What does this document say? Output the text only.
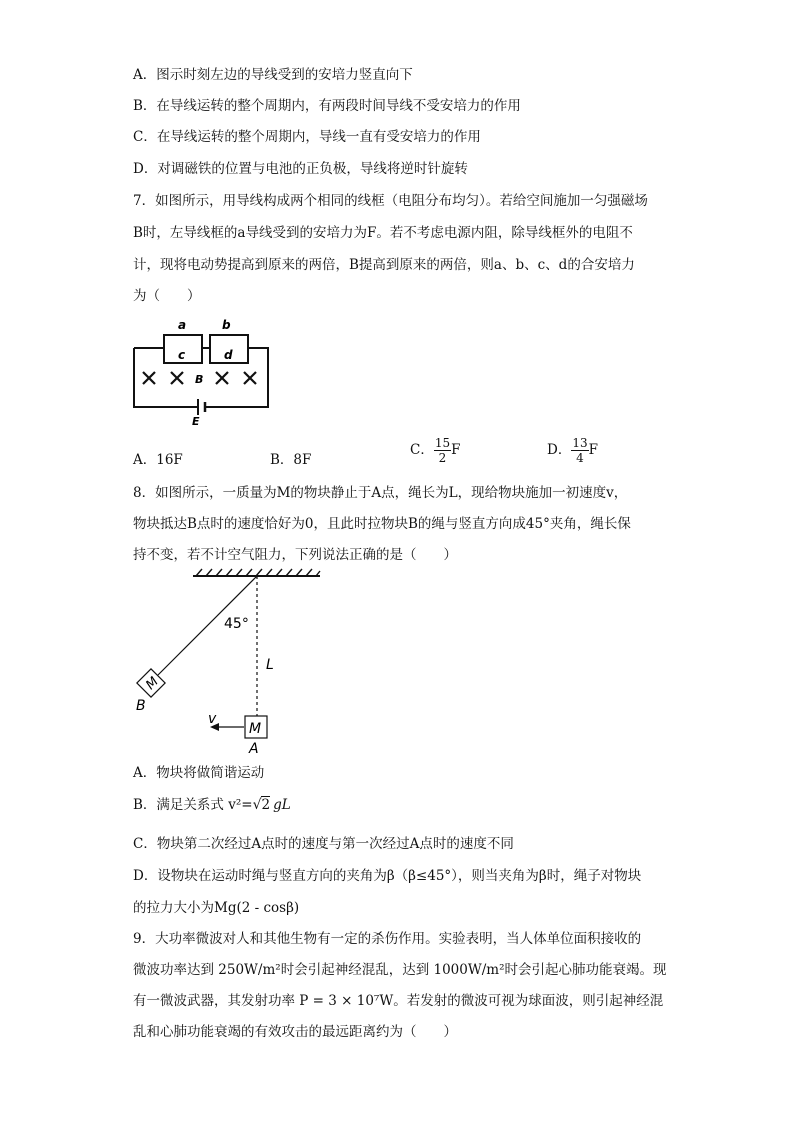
A．图示时刻左边的导线受到的安培力竖直向下
B．在导线运转的整个周期内，有两段时间导线不受安培力的作用
C．在导线运转的整个周期内，导线一直有受安培力的作用
D．对调磁铁的位置与电池的正负极，导线将逆时针旋转
7．如图所示，用导线构成两个相同的线框（电阻分布均匀）。若给空间施加一匀强磁场
B时，左导线框的a导线受到的安培力为F。若不考虑电源内阻，除导线框外的电阻不
计，现将电动势提高到原来的两倍，B提高到原来的两倍，则a、b、c、d的合安培力
为（　　）
a	b
c	d
B
E
A．16F	B．8F
C． $\frac{15}{2}$ F	D． $\frac{13}{4}$ F
8．如图所示，一质量为M的物块静止于A点，绳长为L，现给物块施加一初速度v，
物块抵达B点时的速度恰好为0，且此时拉物块B的绳与竖直方向成45°夹角，绳长保
持不变，若不计空气阻力，下列说法正确的是（　　）
M
M
v
45°
L
B
A
A．物块将做简谐运动
B．满足关系式 v²=√2 gL
C．物块第二次经过A点时的速度与第一次经过A点时的速度不同
D．设物块在运动时绳与竖直方向的夹角为β（β≤45°），则当夹角为β时，绳子对物块
的拉力大小为Mg(2 - cosβ)
9．大功率微波对人和其他生物有一定的杀伤作用。实验表明，当人体单位面积接收的
微波功率达到 250W/m²时会引起神经混乱，达到 1000W/m²时会引起心肺功能衰竭。现
有一微波武器，其发射功率 P = 3 × 10⁷W。若发射的微波可视为球面波，则引起神经混
乱和心肺功能衰竭的有效攻击的最远距离约为（　　）
